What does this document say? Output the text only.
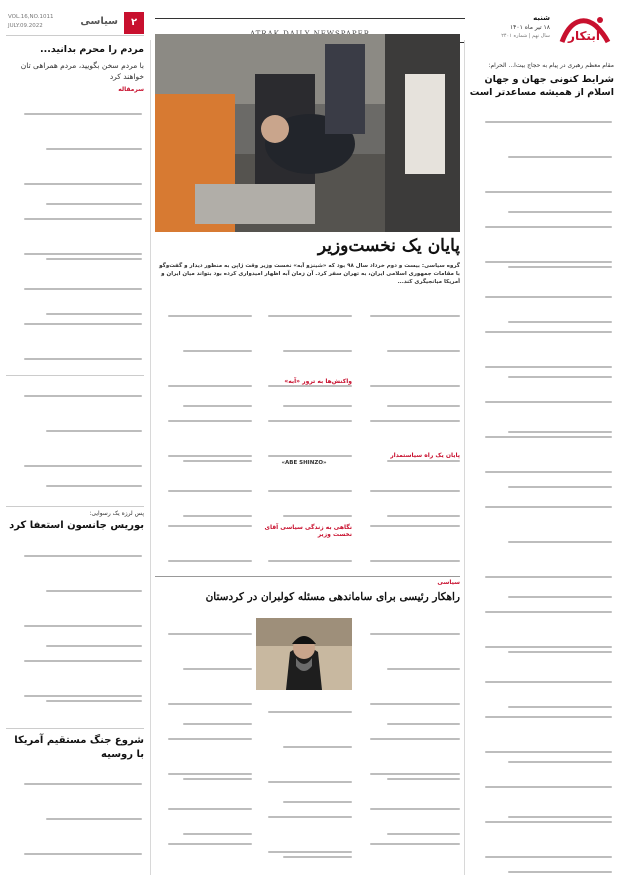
ابتکار
شنبه
۱۸ تیر ماه ۱۴۰۱
سال نهم | شماره ۲۴۰۱
۲
سیاسی
VOL.16,NO.1011
JULY.09.2022
مقام معظم رهبری در پیام به حجاج بیت‌ا... الحرام:
شرایط کنونی جهان و جهان اسلام از همیشه مساعدتر است
پایان یک نخست‌وزیر
گروه سیاسی: بیست و دوم خرداد سال ۹۸ بود که «شینزو آبه» نخست وزیر وقت ژاپن به منظور دیدار و گفت‌وگو با مقامات جمهوری اسلامی ایران، به تهران سفر کرد. آن زمان آبه اظهار امیدواری کرده بود بتواند میان ایران و آمریکا میانجیگری کند...
واکنش‌ها به ترور «آبه»
پایان یک راه سیاستمدار
نگاهی به زندگی سیاسی آقای نخست وزیر
«ABE SHINZO»
سیاسی
راهکار رئیسی برای ساماندهی مسئله کولبران در کردستان
مردم را محرم بدانید...
با مردم سخن بگویید، مردم همراهی تان خواهند کرد
سرمقاله
پس لرزه یک رسوایی:
بوریس جانسون استعفا کرد
شروع جنگ مستقیم آمریکا با روسیه
